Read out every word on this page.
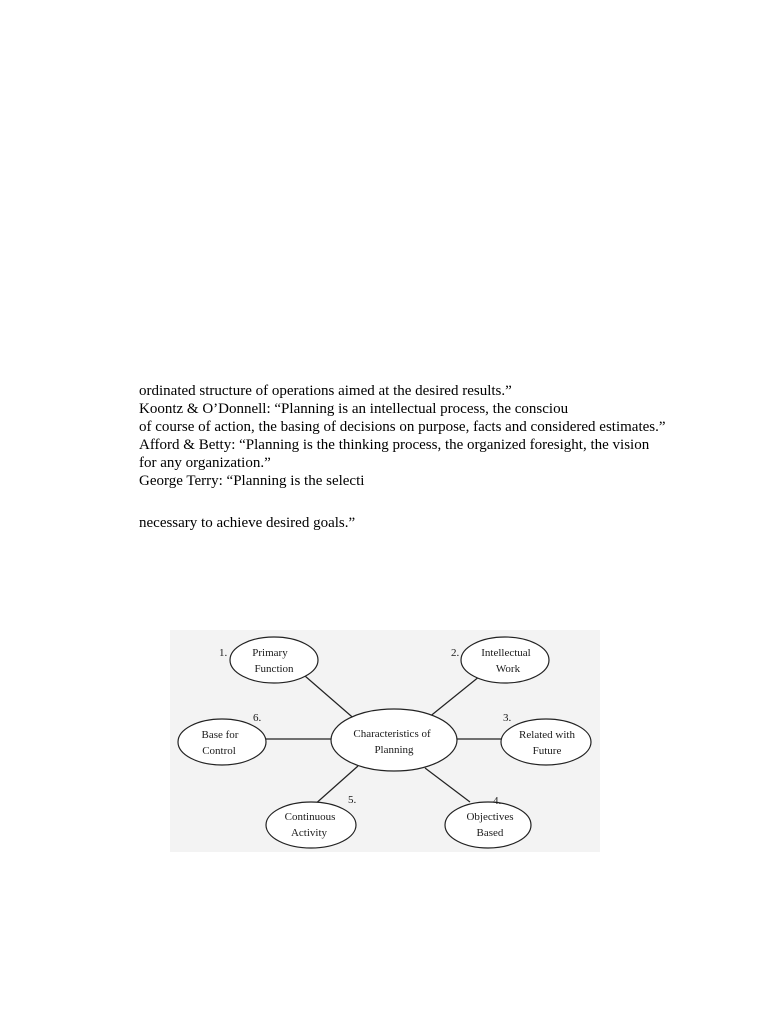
ordinated structure of operations aimed at the desired results.”
Koontz & O’Donnell: “Planning is an intellectual process, the consciou
of course of action, the basing of decisions on purpose, facts and considered estimates.”
Afford & Betty: “Planning is the thinking process, the organized foresight, the vision
for any organization.”
George Terry: “Planning is the selecti
necessary to achieve desired goals.”
Characteristics of
Planning
1. Primary
Function
2. Intellectual
Work
3.
Related with
Future
4.
Objectives
Based
5.
Continuous
Activity
6.
Base for
Control
